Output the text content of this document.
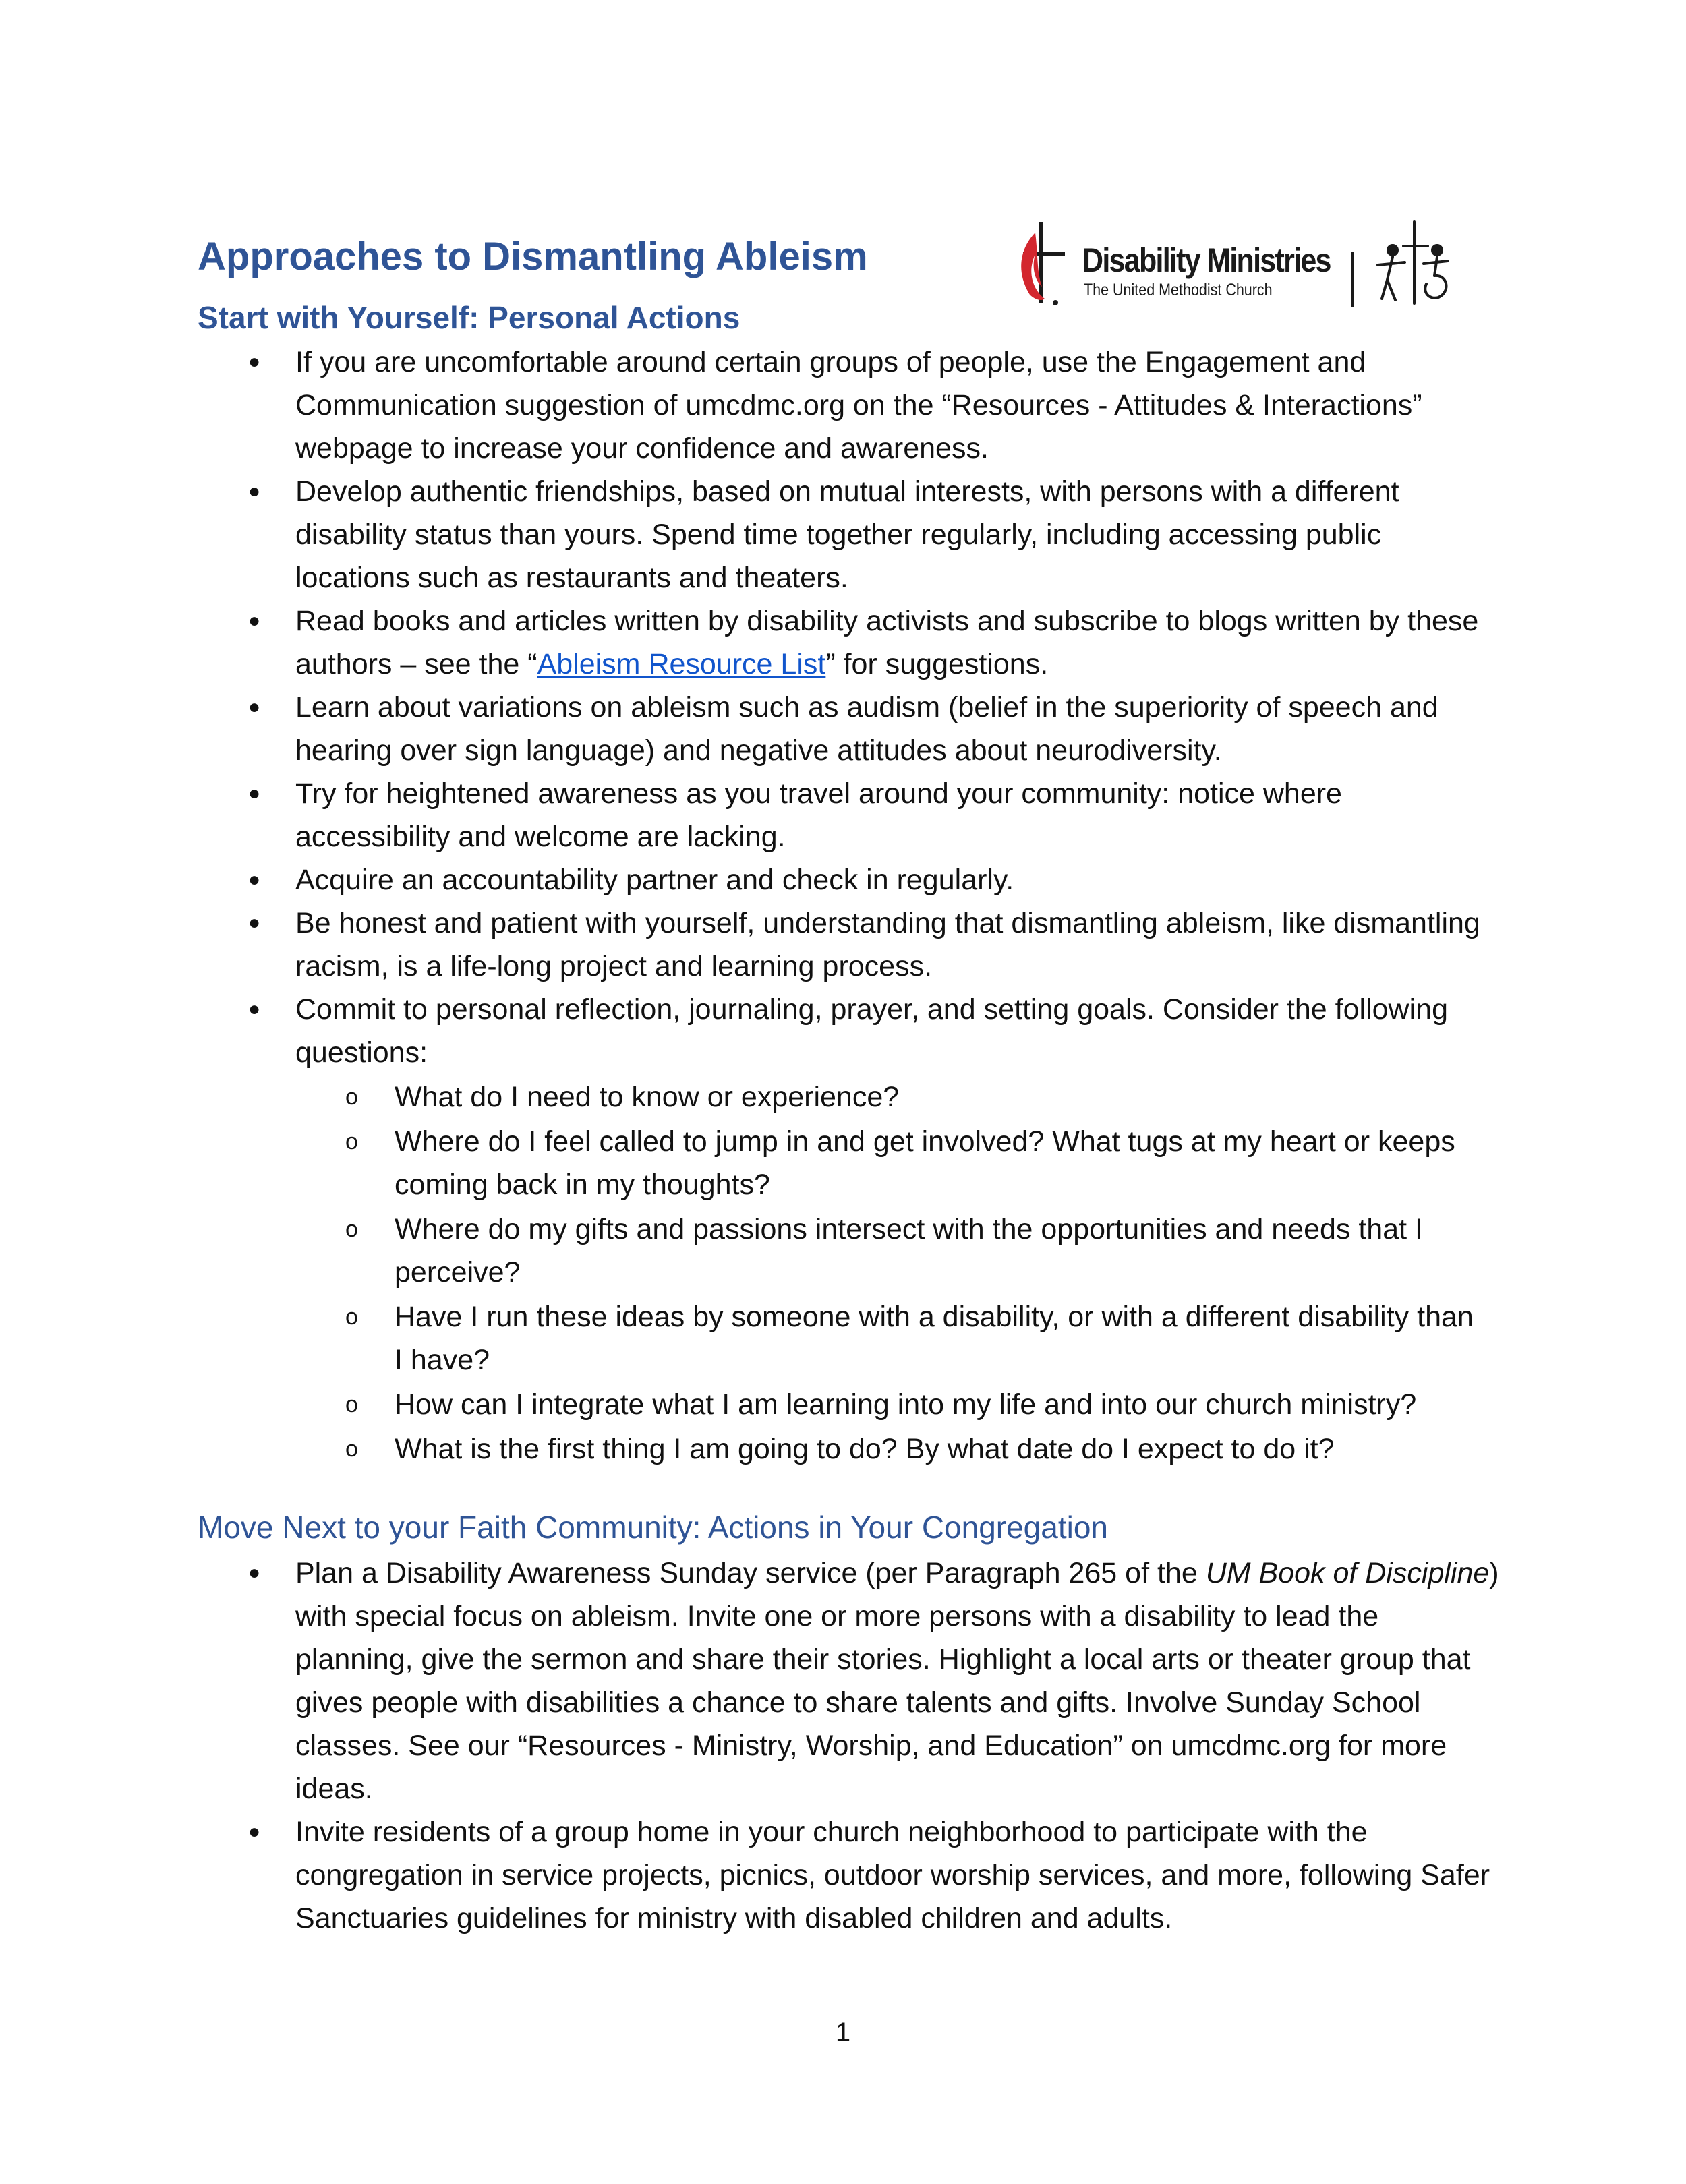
Approaches to Dismantling Ableism	Disability Ministries
The United Methodist Church
Start with Yourself: Personal Actions
● If you are uncomfortable around certain groups of people, use the Engagement and Communication suggestion of umcdmc.org on the “Resources - Attitudes & Interactions” webpage to increase your confidence and awareness.
● Develop authentic friendships, based on mutual interests, with persons with a different disability status than yours. Spend time together regularly, including accessing public locations such as restaurants and theaters.
● Read books and articles written by disability activists and subscribe to blogs written by these authors – see the “Ableism Resource List” for suggestions.
● Learn about variations on ableism such as audism (belief in the superiority of speech and hearing over sign language) and negative attitudes about neurodiversity.
● Try for heightened awareness as you travel around your community: notice where accessibility and welcome are lacking.
● Acquire an accountability partner and check in regularly.
● Be honest and patient with yourself, understanding that dismantling ableism, like dismantling racism, is a life-long project and learning process.
● Commit to personal reflection, journaling, prayer, and setting goals. Consider the following questions:
o What do I need to know or experience?
o Where do I feel called to jump in and get involved? What tugs at my heart or keeps coming back in my thoughts?
o Where do my gifts and passions intersect with the opportunities and needs that I perceive?
o Have I run these ideas by someone with a disability, or with a different disability than I have?
o How can I integrate what I am learning into my life and into our church ministry?
o What is the first thing I am going to do? By what date do I expect to do it?
Move Next to your Faith Community: Actions in Your Congregation
● Plan a Disability Awareness Sunday service (per Paragraph 265 of the UM Book of Discipline) with special focus on ableism. Invite one or more persons with a disability to lead the planning, give the sermon and share their stories. Highlight a local arts or theater group that gives people with disabilities a chance to share talents and gifts. Involve Sunday School classes. See our “Resources - Ministry, Worship, and Education” on umcdmc.org for more ideas.
● Invite residents of a group home in your church neighborhood to participate with the congregation in service projects, picnics, outdoor worship services, and more, following Safer Sanctuaries guidelines for ministry with disabled children and adults.
1
